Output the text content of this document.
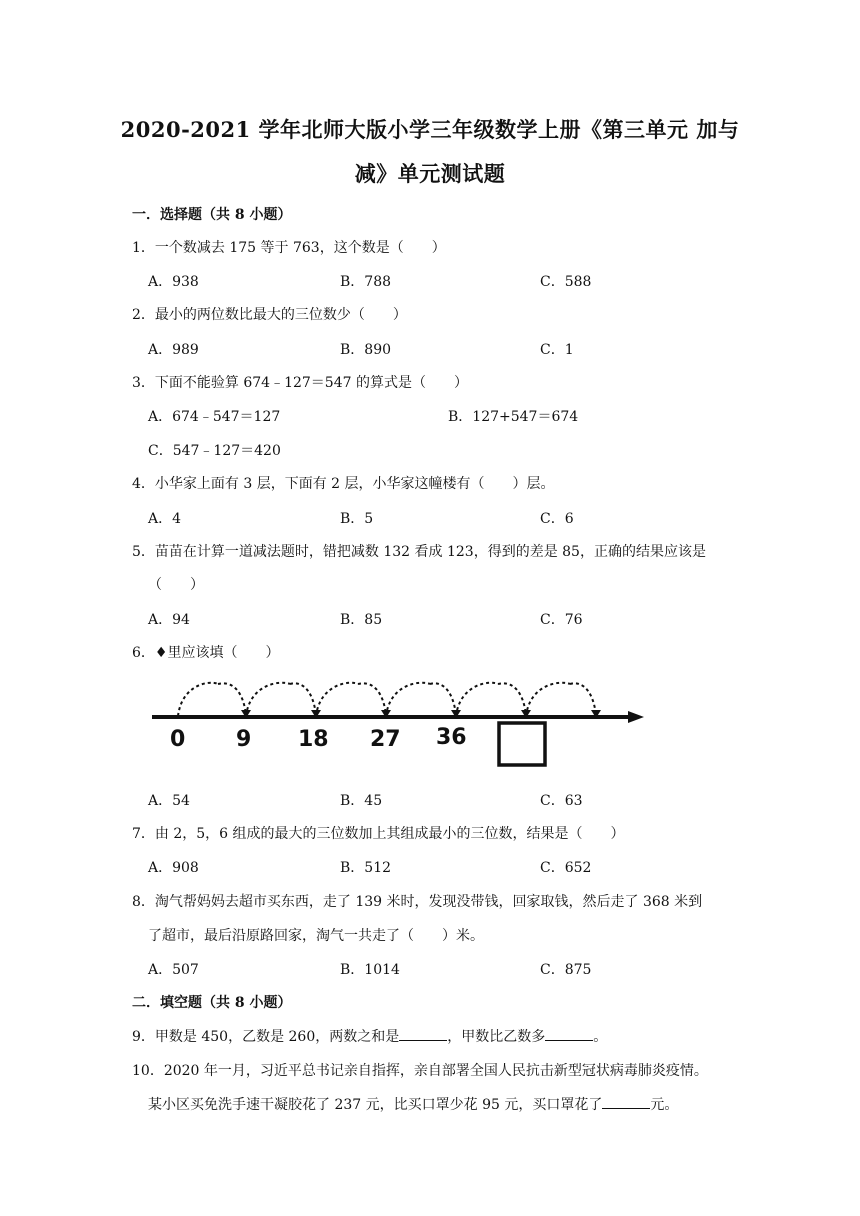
2020-2021 学年北师大版小学三年级数学上册《第三单元 加与
减》单元测试题
一．选择题（共 8 小题）
1．一个数减去 175 等于 763，这个数是（　　）
A．938	B．788	C．588
2．最小的两位数比最大的三位数少（　　）
A．989	B．890	C．1
3．下面不能验算 674﹣127＝547 的算式是（　　）
A．674﹣547＝127	B．127+547＝674
C．547﹣127＝420
4．小华家上面有 3 层，下面有 2 层，小华家这幢楼有（　　）层。
A．4	B．5	C．6
5．苗苗在计算一道减法题时，错把减数 132 看成 123，得到的差是 85，正确的结果应该是
（　　）
A．94	B．85	C．76
6．♦里应该填（　　）
0 9 18 27 36
A．54	B．45	C．63
7．由 2，5，6 组成的最大的三位数加上其组成最小的三位数，结果是（　　）
A．908	B．512	C．652
8．淘气帮妈妈去超市买东西，走了 139 米时，发现没带钱，回家取钱，然后走了 368 米到
了超市，最后沿原路回家，淘气一共走了（　　）米。
A．507	B．1014	C．875
二．填空题（共 8 小题）
9．甲数是 450，乙数是 260，两数之和是	，甲数比乙数多	。
10．2020 年一月，习近平总书记亲自指挥，亲自部署全国人民抗击新型冠状病毒肺炎疫情。
某小区买免洗手速干凝胶花了 237 元，比买口罩少花 95 元，买口罩花了	元。
